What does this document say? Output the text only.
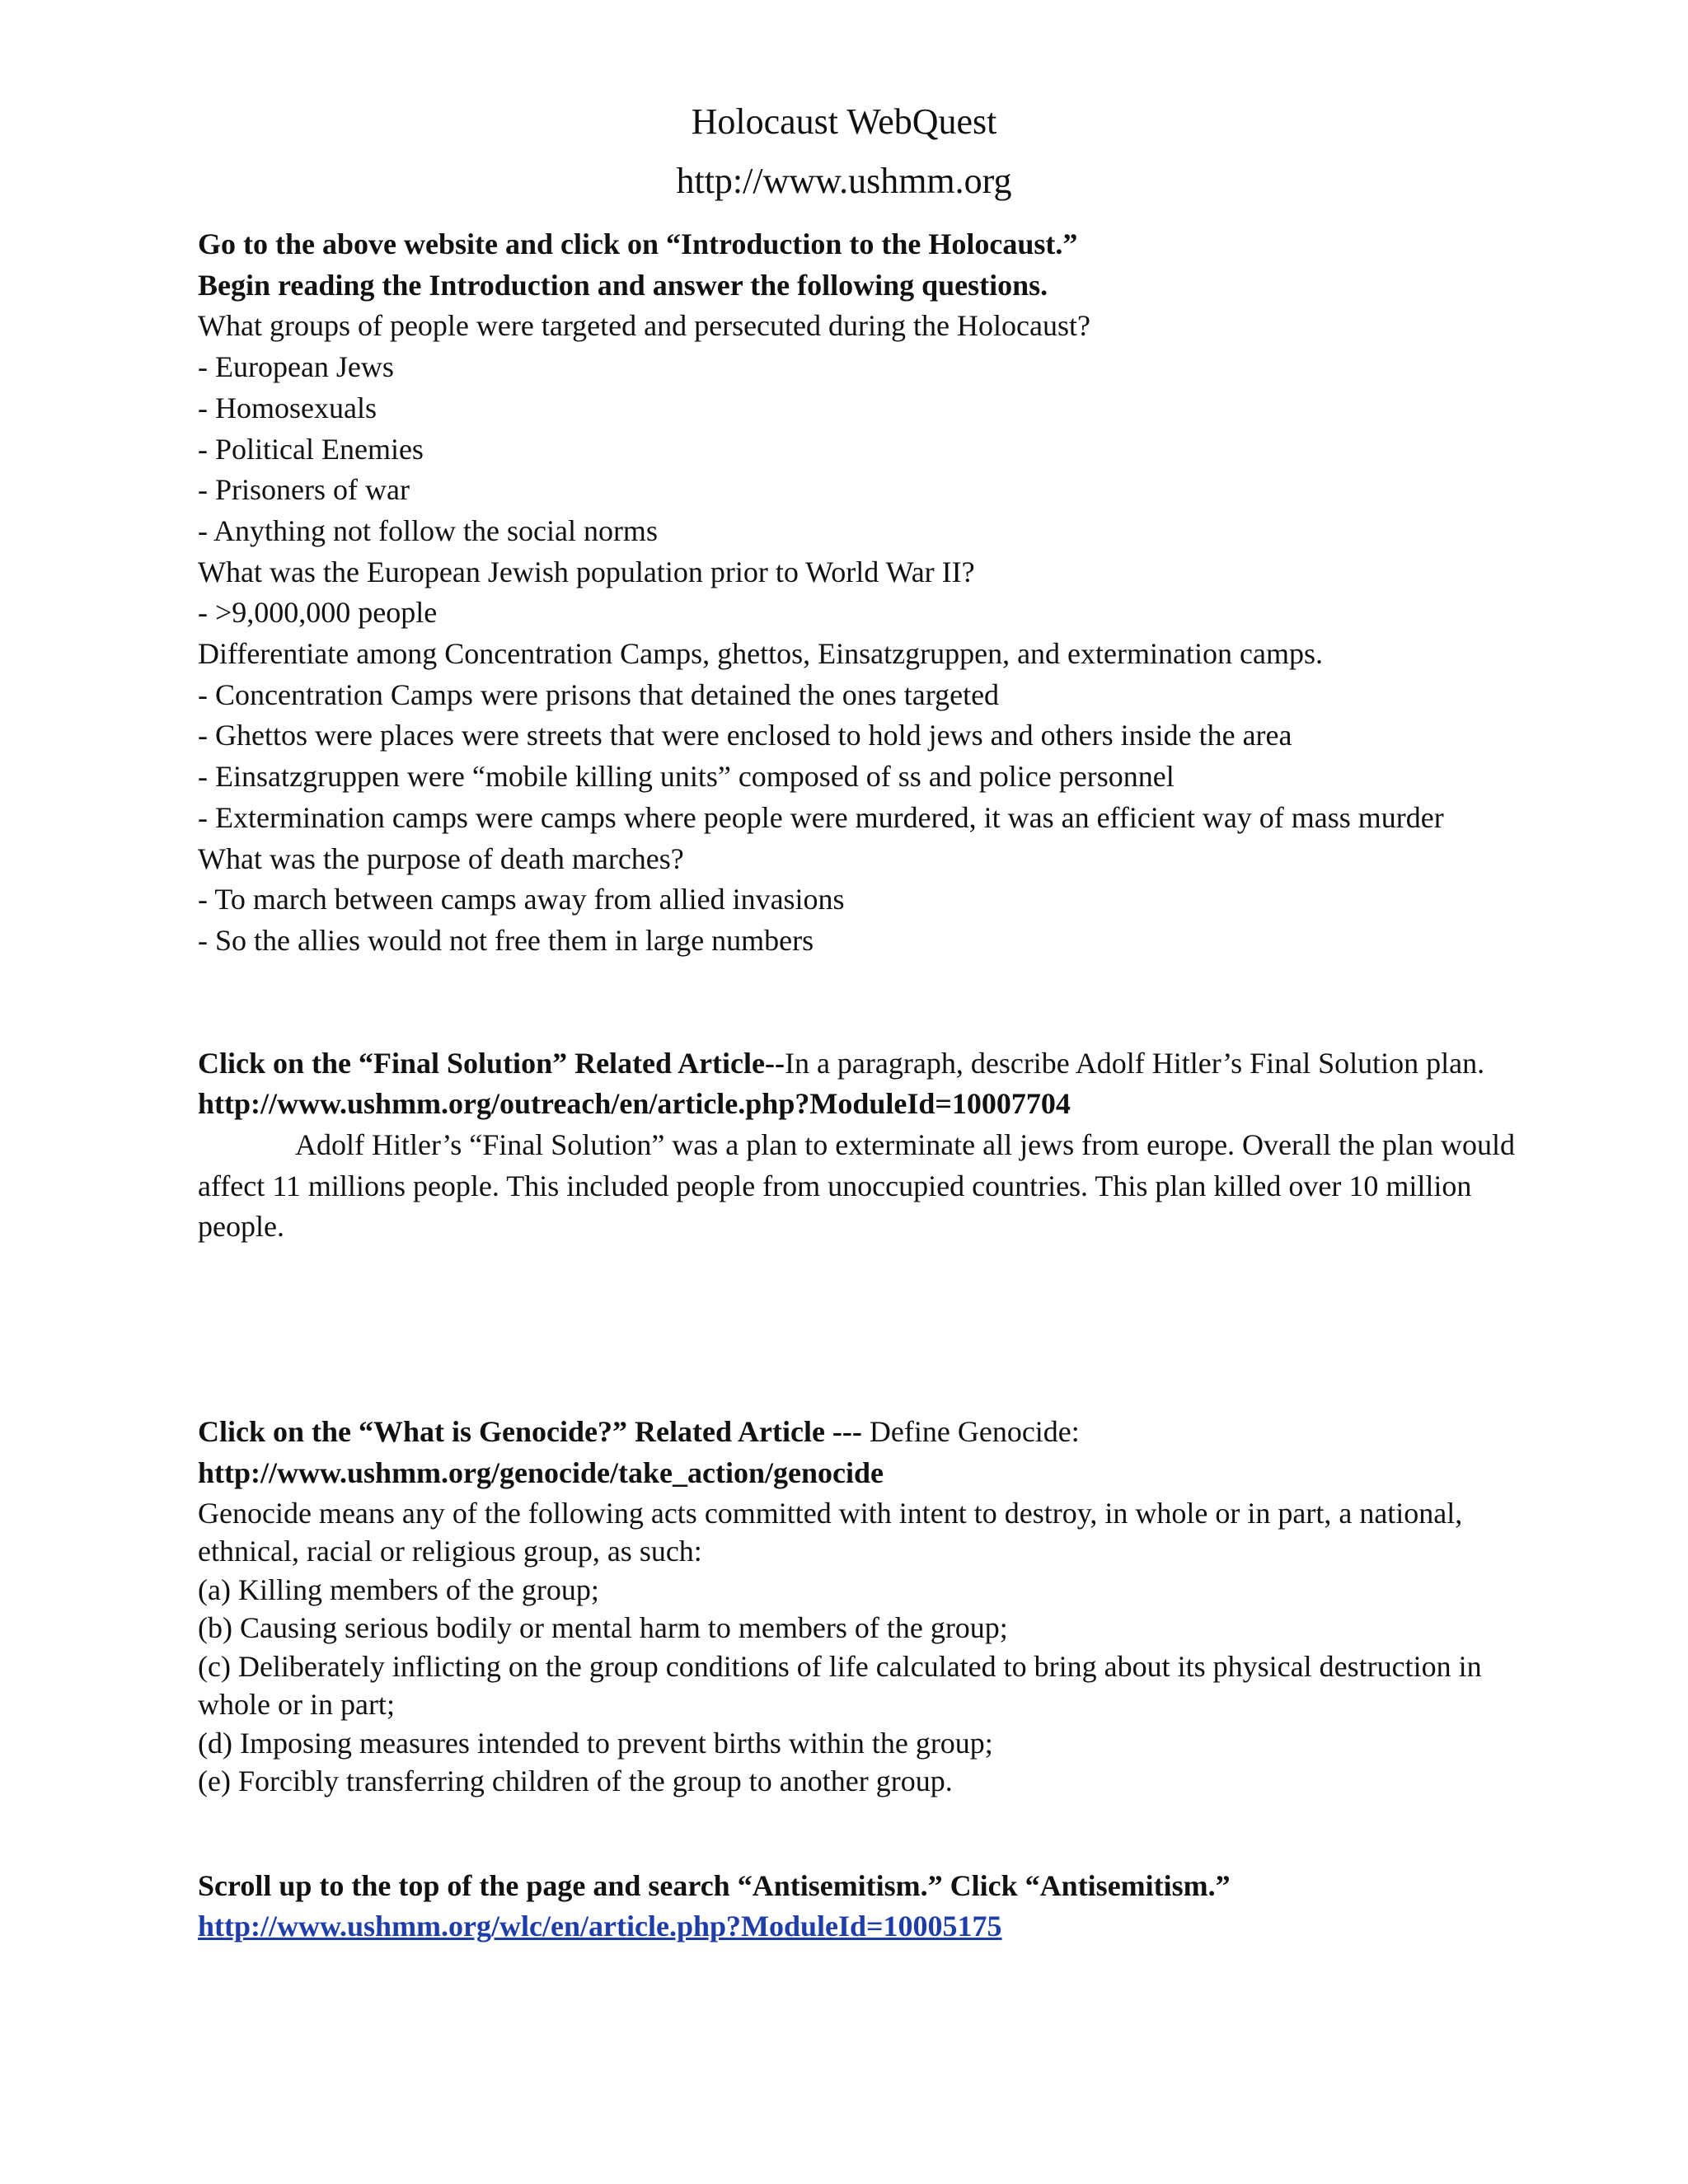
Holocaust WebQuest
http://www.ushmm.org

Go to the above website and click on “Introduction to the Holocaust.”

Begin reading the Introduction and answer the following questions.

What groups of people were targeted and persecuted during the Holocaust?

- European Jews

- Homosexuals

- Political Enemies

- Prisoners of war

- Anything not follow the social norms

What was the European Jewish population prior to World War II?

- >9,000,000 people

Differentiate among Concentration Camps, ghettos, Einsatzgruppen, and extermination camps.

- Concentration Camps were prisons that detained the ones targeted

- Ghettos were places were streets that were enclosed to hold jews and others inside the area

- Einsatzgruppen were “mobile killing units” composed of ss and police personnel

- Extermination camps were camps where people were murdered, it was an efficient way of mass murder

What was the purpose of death marches?

- To march between camps away from allied invasions

- So the allies would not free them in large numbers

Click on the “Final Solution” Related Article--In a paragraph, describe Adolf Hitler’s Final Solution plan.  http://www.ushmm.org/outreach/en/article.php?ModuleId=10007704

Adolf Hitler’s “Final Solution” was a plan to exterminate all jews from europe. Overall the plan would affect 11 millions people. This included people from unoccupied countries. This plan killed over 10 million people.

Click on the “What is Genocide?” Related Article --- Define Genocide:

http://www.ushmm.org/genocide/take_action/genocide

Genocide means any of the following acts committed with intent to destroy, in whole or in part, a national, ethnical, racial or religious group, as such:

(a) Killing members of the group;

(b) Causing serious bodily or mental harm to members of the group;

(c) Deliberately inflicting on the group conditions of life calculated to bring about its physical destruction in whole or in part;

(d) Imposing measures intended to prevent births within the group;

(e) Forcibly transferring children of the group to another group.

Scroll up to the top of the page and search “Antisemitism.” Click “Antisemitism.”

http://www.ushmm.org/wlc/en/article.php?ModuleId=10005175
